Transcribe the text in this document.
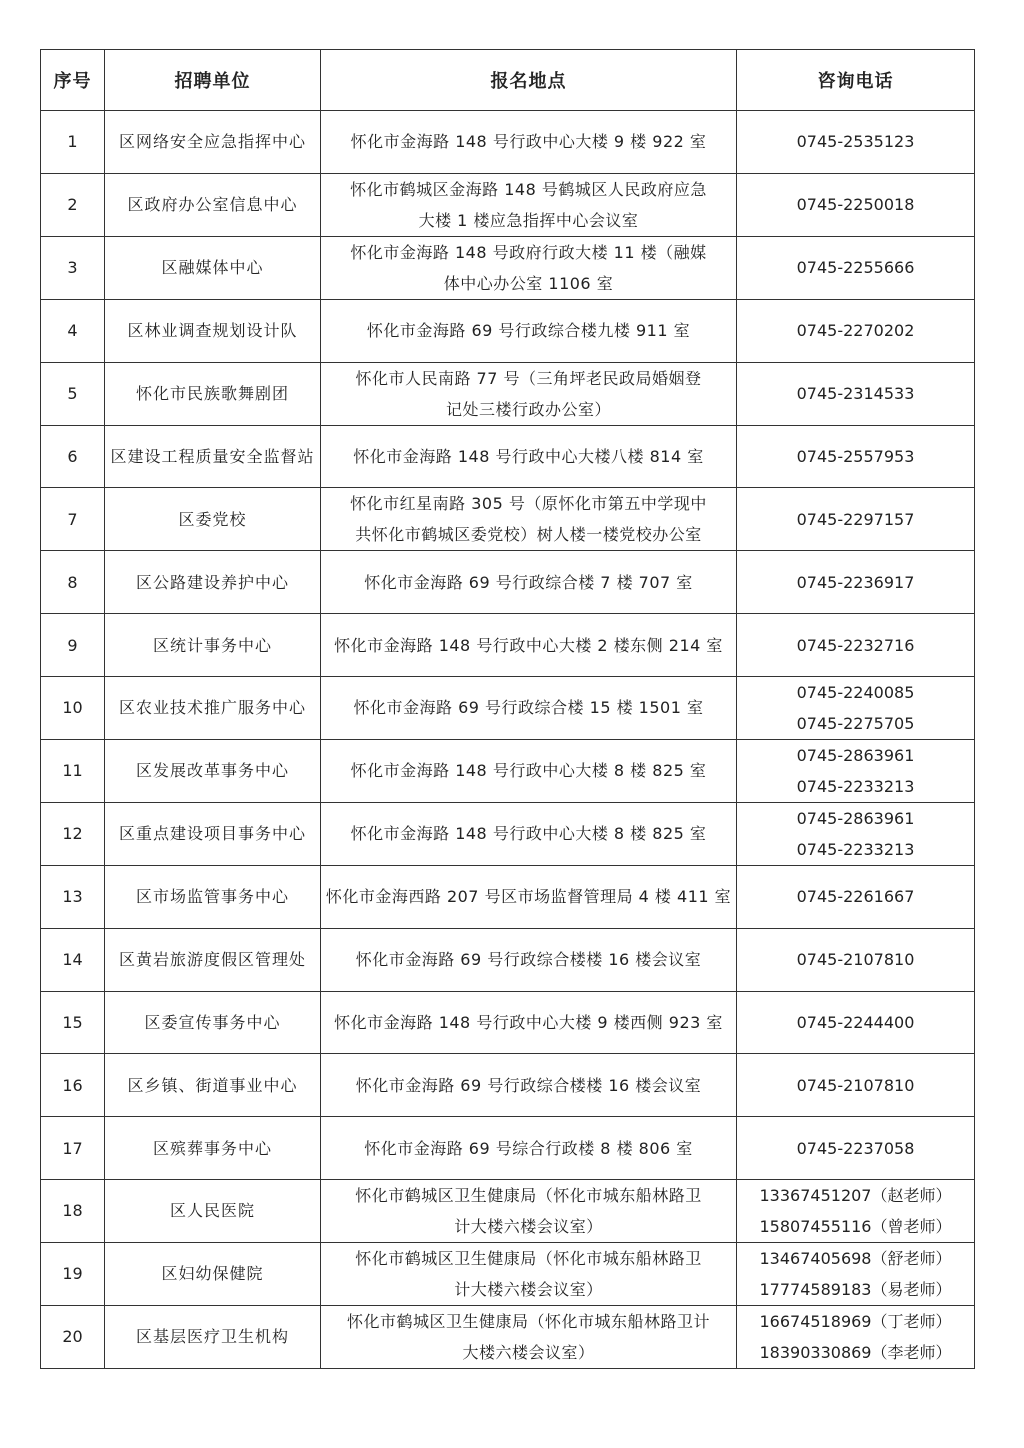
序号	招聘单位	报名地点	咨询电话
1	区网络安全应急指挥中心	怀化市金海路 148 号行政中心大楼 9 楼 922 室	0745-2535123

2	区政府办公室信息中心	怀化市鹤城区金海路 148 号鹤城区人民政府应急
大楼 1 楼应急指挥中心会议室	0745-2250018

3	区融媒体中心	怀化市金海路 148 号政府行政大楼 11 楼（融媒
体中心办公室 1106 室	0745-2255666

4	区林业调查规划设计队	怀化市金海路 69 号行政综合楼九楼 911 室	0745-2270202

5	怀化市民族歌舞剧团	怀化市人民南路 77 号（三角坪老民政局婚姻登
记处三楼行政办公室）	0745-2314533

6	区建设工程质量安全监督站	怀化市金海路 148 号行政中心大楼八楼 814 室	0745-2557953

7	区委党校	怀化市红星南路 305 号（原怀化市第五中学现中
共怀化市鹤城区委党校）树人楼一楼党校办公室	0745-2297157

8	区公路建设养护中心	怀化市金海路 69 号行政综合楼 7 楼 707 室	0745-2236917

9	区统计事务中心	怀化市金海路 148 号行政中心大楼 2 楼东侧 214 室	0745-2232716

10	区农业技术推广服务中心	怀化市金海路 69 号行政综合楼 15 楼 1501 室	0745-2240085
0745-2275705

11	区发展改革事务中心	怀化市金海路 148 号行政中心大楼 8 楼 825 室	0745-2863961
0745-2233213

12	区重点建设项目事务中心	怀化市金海路 148 号行政中心大楼 8 楼 825 室	0745-2863961
0745-2233213

13	区市场监管事务中心	怀化市金海西路 207 号区市场监督管理局 4 楼 411 室	0745-2261667

14	区黄岩旅游度假区管理处	怀化市金海路 69 号行政综合楼楼 16 楼会议室	0745-2107810

15	区委宣传事务中心	怀化市金海路 148 号行政中心大楼 9 楼西侧 923 室	0745-2244400

16	区乡镇、街道事业中心	怀化市金海路 69 号行政综合楼楼 16 楼会议室	0745-2107810

17	区殡葬事务中心	怀化市金海路 69 号综合行政楼 8 楼 806 室	0745-2237058

18	区人民医院	怀化市鹤城区卫生健康局（怀化市城东船林路卫
计大楼六楼会议室）	13367451207（赵老师）
15807455116（曾老师）

19	区妇幼保健院	怀化市鹤城区卫生健康局（怀化市城东船林路卫
计大楼六楼会议室）	13467405698（舒老师）
17774589183（易老师）

20	区基层医疗卫生机构	怀化市鹤城区卫生健康局（怀化市城东船林路卫计
大楼六楼会议室）	16674518969（丁老师）
18390330869（李老师）
